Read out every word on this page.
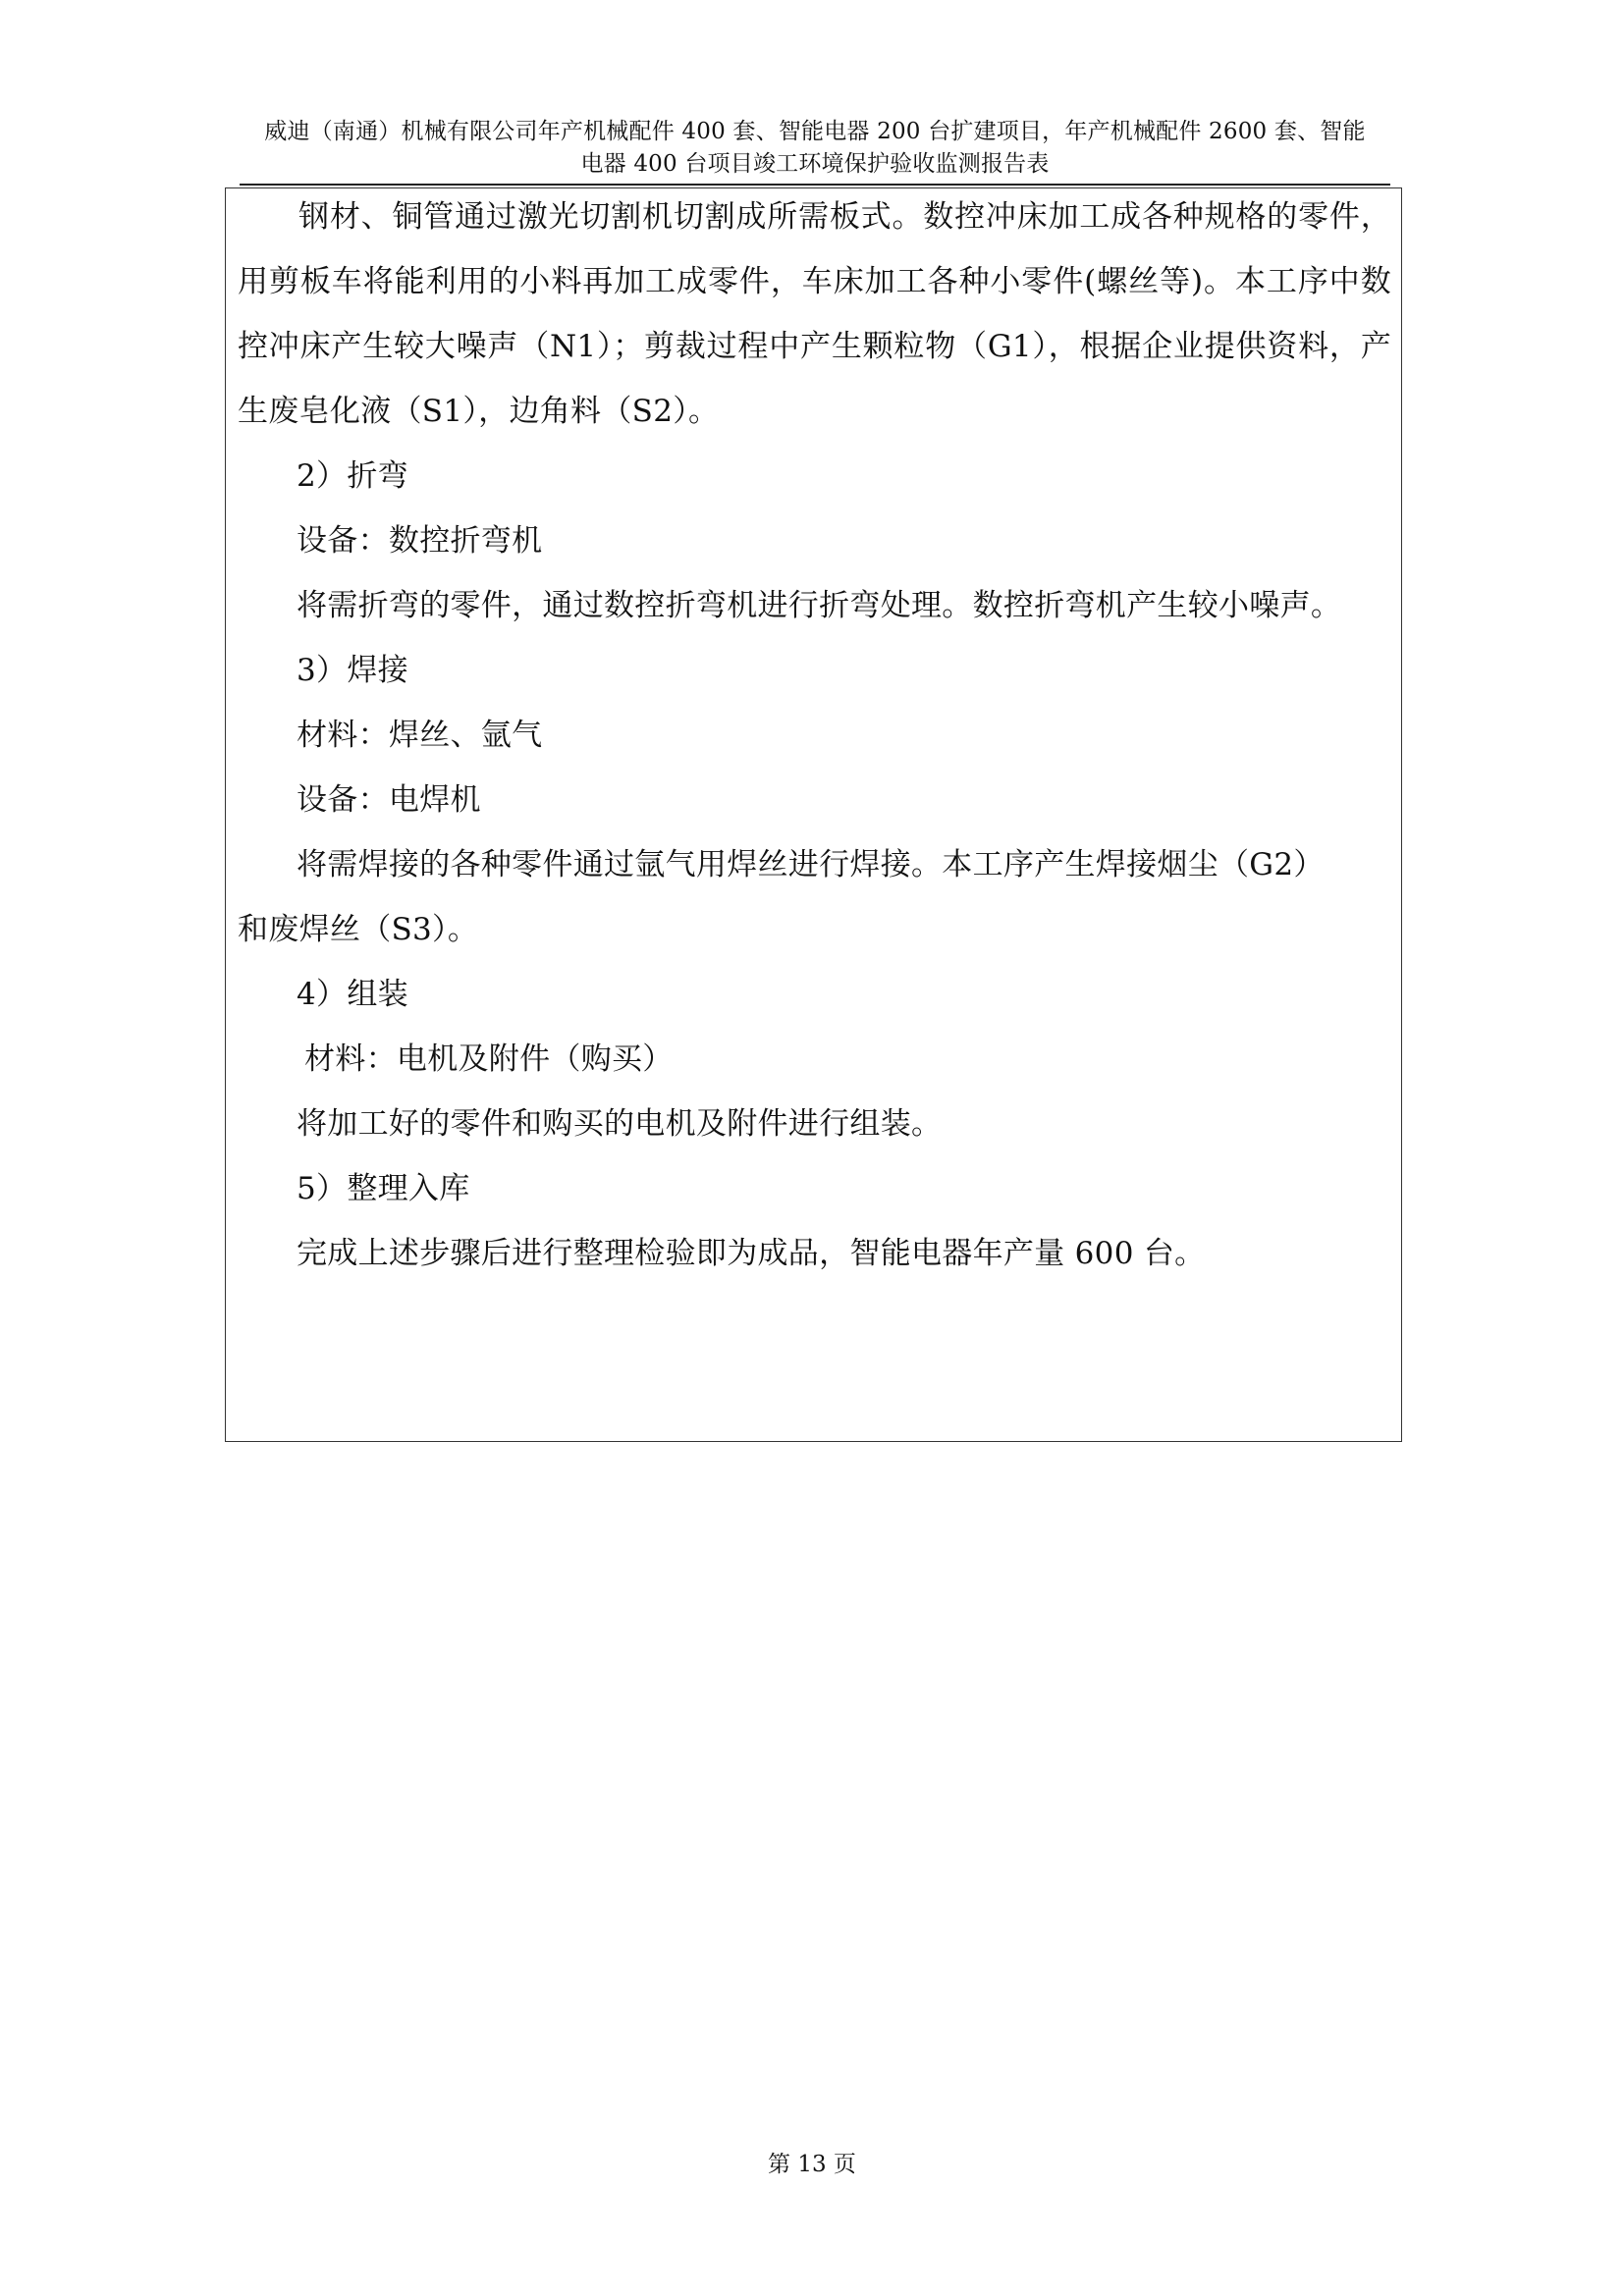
威迪（南通）机械有限公司年产机械配件 400 套、智能电器 200 台扩建项目，年产机械配件 2600 套、智能
电器 400 台项目竣工环境保护验收监测报告表
钢材、铜管通过激光切割机切割成所需板式。数控冲床加工成各种规格的零件，用剪板车将能利用的小料再加工成零件，车床加工各种小零件(螺丝等)。本工序中数控冲床产生较大噪声（N1）；剪裁过程中产生颗粒物（G1），根据企业提供资料，产生废皂化液（S1），边角料（S2）。
2）折弯
设备：数控折弯机
将需折弯的零件，通过数控折弯机进行折弯处理。数控折弯机产生较小噪声。
3）焊接
材料：焊丝、氩气
设备：电焊机
将需焊接的各种零件通过氩气用焊丝进行焊接。本工序产生焊接烟尘（G2）
和废焊丝（S3）。
4）组装
材料：电机及附件（购买）
将加工好的零件和购买的电机及附件进行组装。
5）整理入库
完成上述步骤后进行整理检验即为成品，智能电器年产量 600 台。
第 13 页
